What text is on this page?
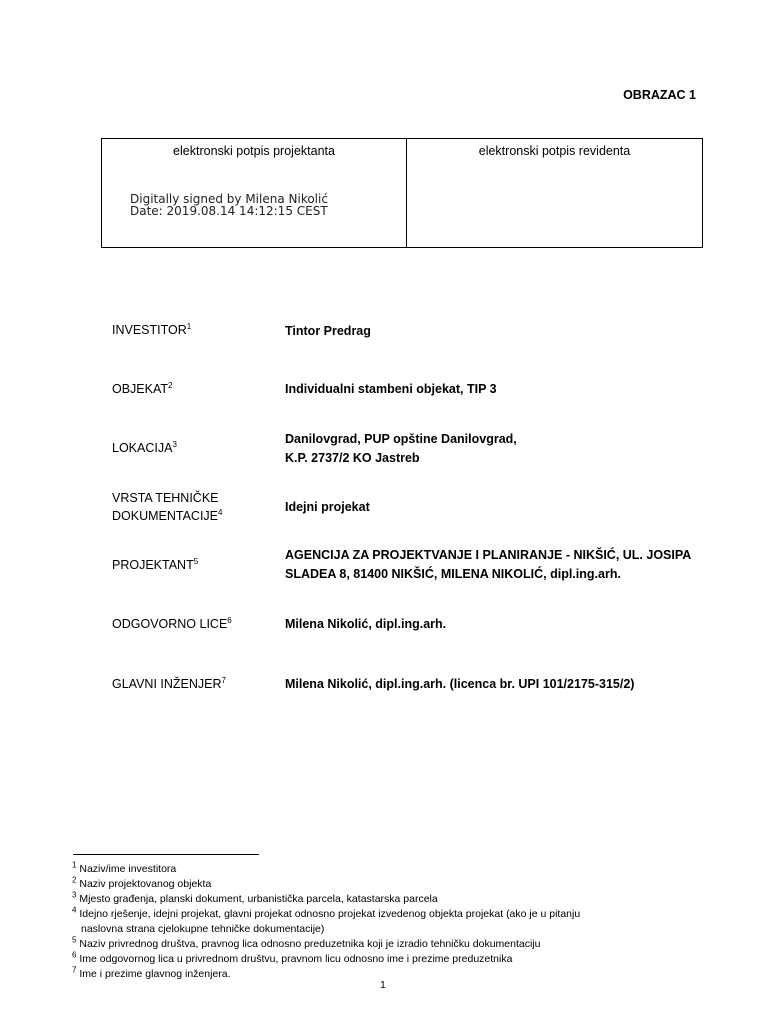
OBRAZAC 1
elektronski potpis projektanta
Digitally signed by Milena Nikolić
Date: 2019.08.14 14:12:15 CEST
elektronski potpis revidenta
INVESTITOR$^1$	Tintor Predrag
OBJEKAT$^2$	Individualni stambeni objekat, TIP 3
LOKACIJA$^3$	Danilovgrad, PUP opštine Danilovgrad,
K.P. 2737/2 KO Jastreb
VRSTA TEHNIČKE
DOKUMENTACIJE$^4$	Idejni projekat
PROJEKTANT$^5$	AGENCIJA ZA PROJEKTVANJE I PLANIRANJE - NIKŠIĆ, UL. JOSIPA
SLADEA 8, 81400 NIKŠIĆ, MILENA NIKOLIĆ, dipl.ing.arh.
ODGOVORNO LICE$^6$	Milena Nikolić, dipl.ing.arh.
GLAVNI INŽENJER$^7$	Milena Nikolić, dipl.ing.arh. (licenca br. UPI 101/2175-315/2)
$^1$ Naziv/ime investitora
$^2$ Naziv projektovanog objekta
$^3$ Mjesto građenja, planski dokument, urbanistička parcela, katastarska parcela
$^4$ Idejno rješenje, idejni projekat, glavni projekat odnosno projekat izvedenog objekta projekat (ako je u pitanju
naslovna strana cjelokupne tehničke dokumentacije)
$^5$ Naziv privrednog društva, pravnog lica odnosno preduzetnika koji je izradio tehničku dokumentaciju
$^6$ Ime odgovornog lica u privrednom društvu, pravnom licu odnosno ime i prezime preduzetnika
$^7$ Ime i prezime glavnog inženjera.
1
